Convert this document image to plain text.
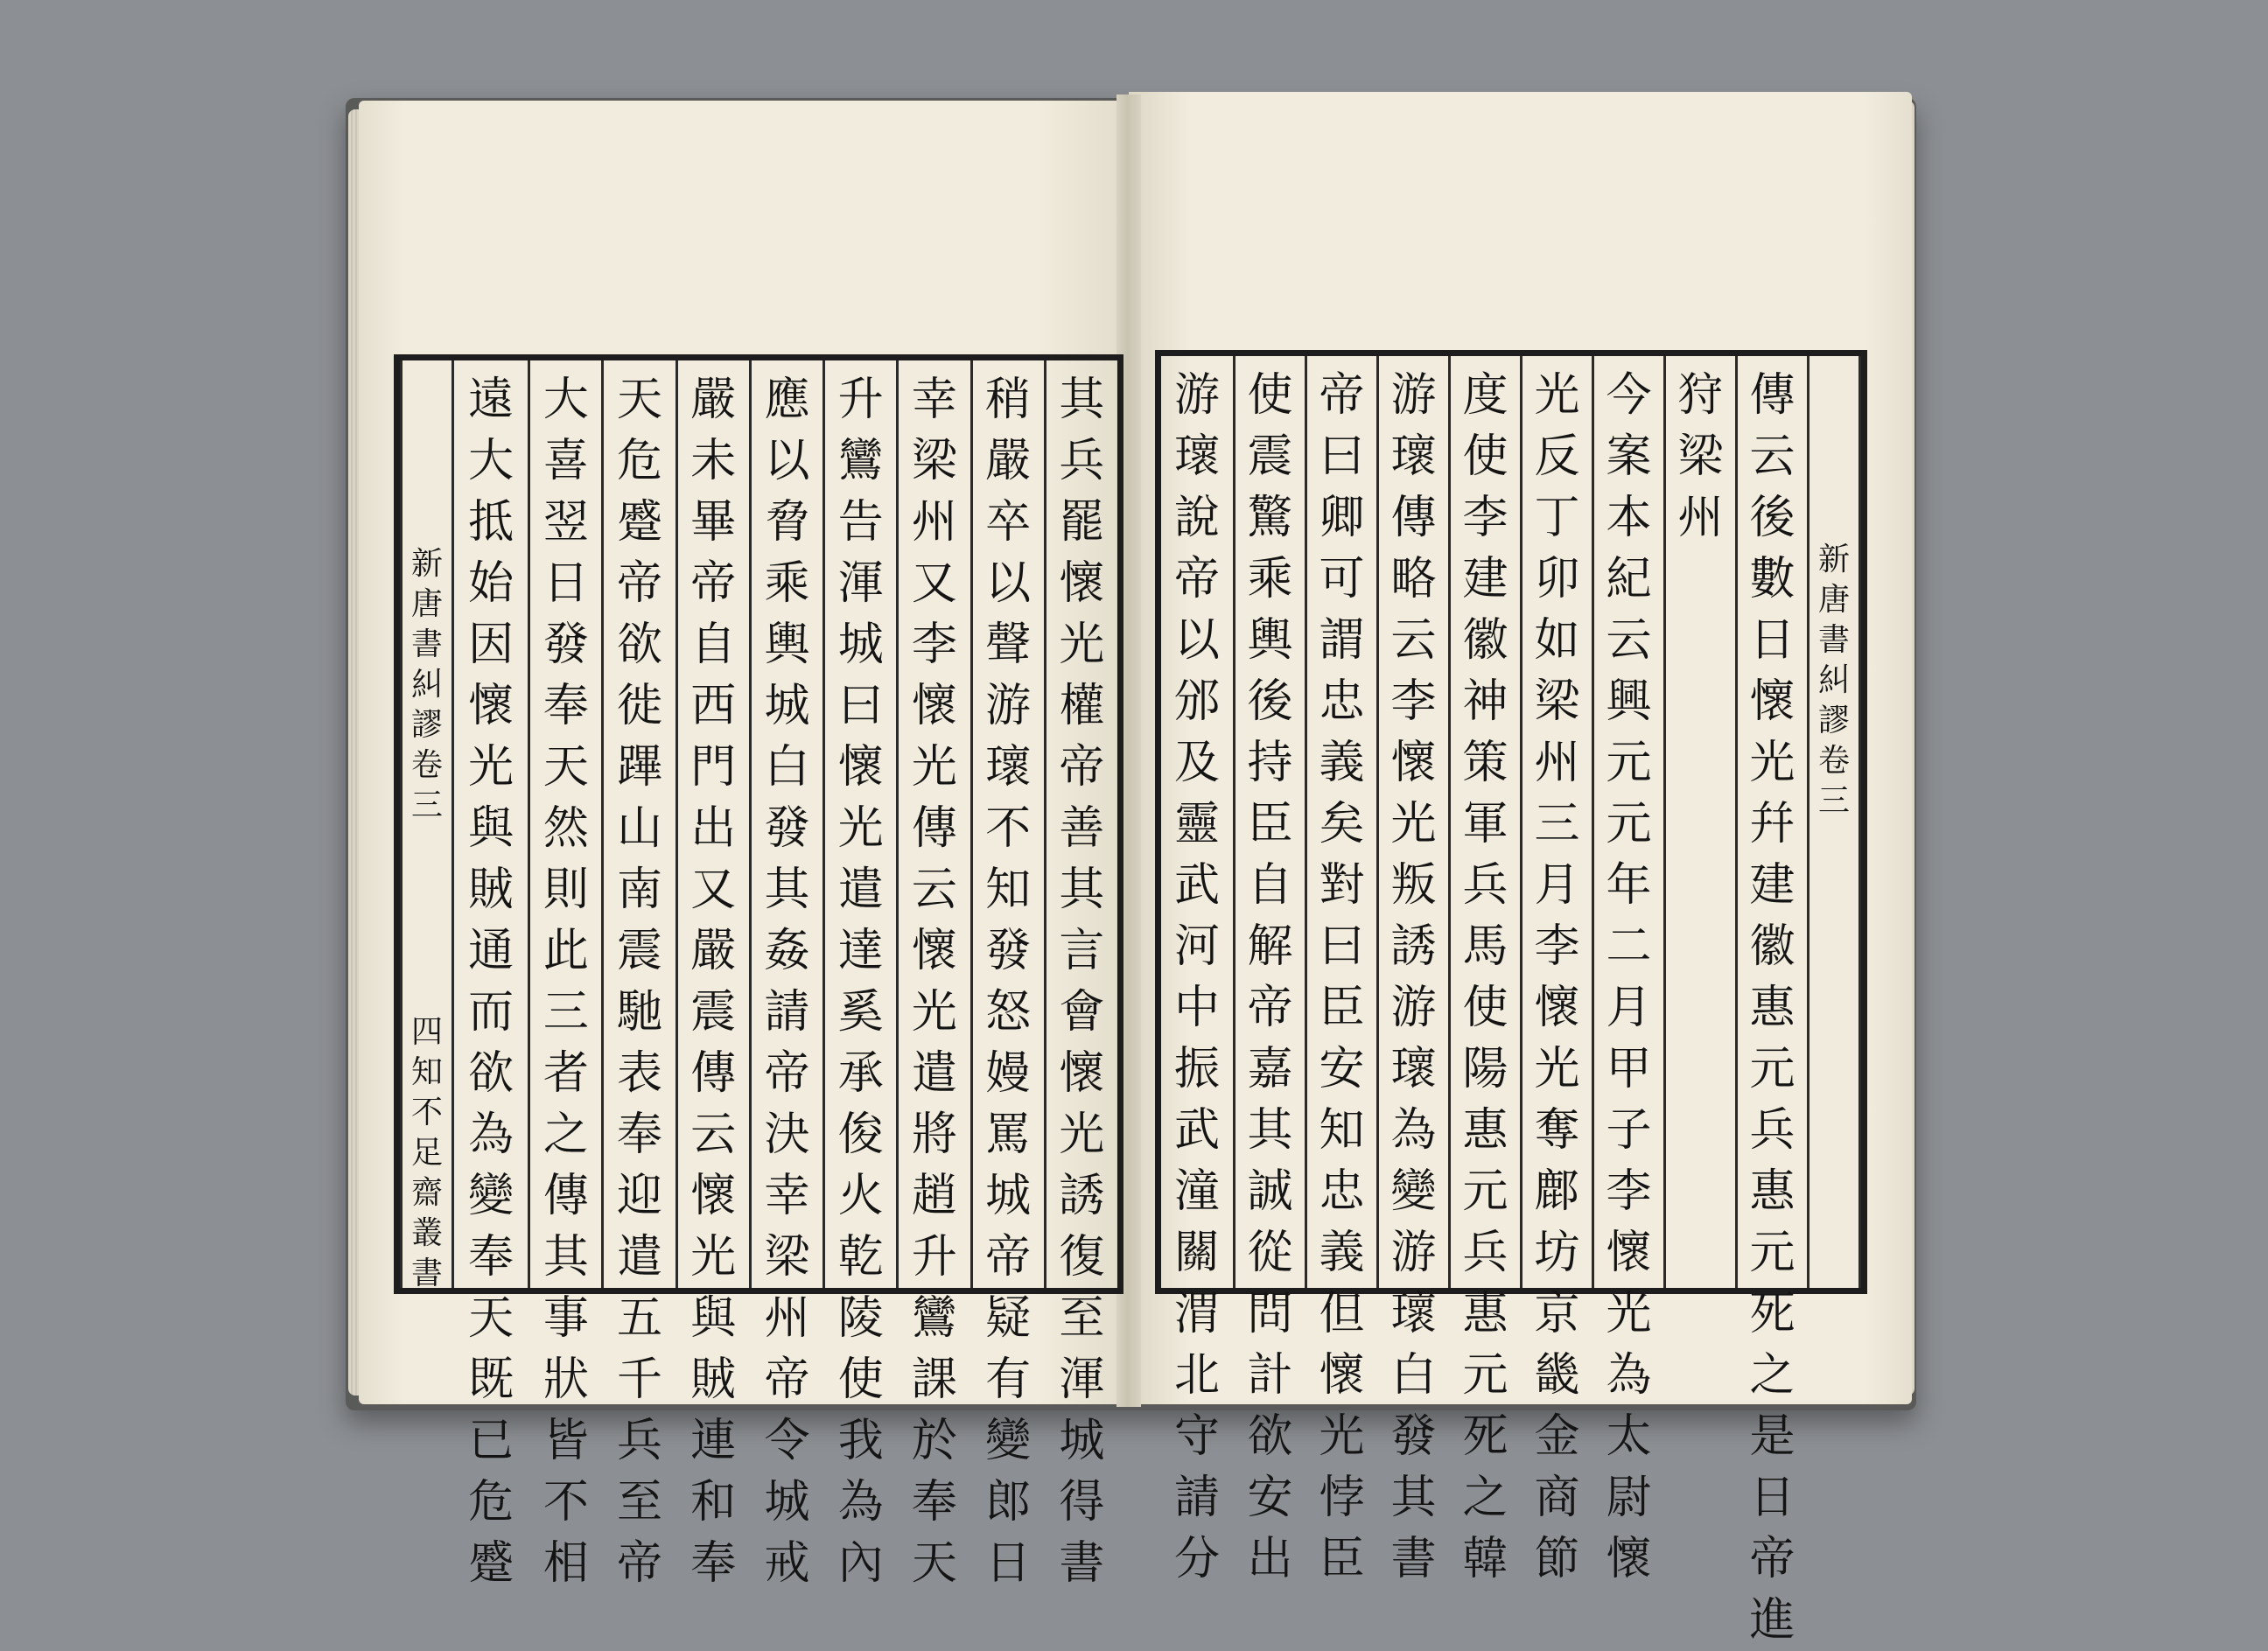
其
兵
罷
懷
光
權
帝
善
其
言
會
懷
光
誘
復
至
渾
城
得
書
稍
嚴
卒
以
聲
游
瓌
不
知
發
怒
嫚
罵
城
帝
疑
有
變
郎
日
幸
梁
州
又
李
懷
光
傳
云
懷
光
遣
將
趙
升
鸞
課
於
奉
天
升
鸞
告
渾
城
曰
懷
光
遣
達
奚
承
俊
火
乾
陵
使
我
為
內
應
以
脅
乘
輿
城
白
發
其
姦
請
帝
決
幸
梁
州
帝
令
城
戒
嚴
未
畢
帝
自
西
門
出
又
嚴
震
傳
云
懷
光
與
賊
連
和
奉
天
危
蹙
帝
欲
徙
蹕
山
南
震
馳
表
奉
迎
遣
五
千
兵
至
帝
大
喜
翌
日
發
奉
天
然
則
此
三
者
之
傳
其
事
狀
皆
不
相
遠
大
抵
始
因
懷
光
與
賊
通
而
欲
為
變
奉
天
既
已
危
蹙
新
唐
書
糾
謬
卷
三
四
知
不
足
齋
叢
書
傳
云
後
數
日
懷
光
幷
建
徽
惠
元
兵
惠
元
死
之
是
日
帝
進
狩
梁
州
今
案
本
紀
云
興
元
元
年
二
月
甲
子
李
懷
光
為
太
尉
懷
光
反
丁
卯
如
梁
州
三
月
李
懷
光
奪
鄜
坊
京
畿
金
商
節
度
使
李
建
徽
神
策
軍
兵
馬
使
陽
惠
元
兵
惠
元
死
之
韓
游
瓌
傳
略
云
李
懷
光
叛
誘
游
瓌
為
變
游
瓌
白
發
其
書
帝
曰
卿
可
謂
忠
義
矣
對
曰
臣
安
知
忠
義
但
懷
光
悖
臣
使
震
驚
乘
輿
後
持
臣
自
解
帝
嘉
其
誠
從
問
計
欲
安
出
游
瓌
說
帝
以
邠
及
靈
武
河
中
振
武
潼
關
渭
北
守
請
分
新
唐
書
糾
謬
卷
三
